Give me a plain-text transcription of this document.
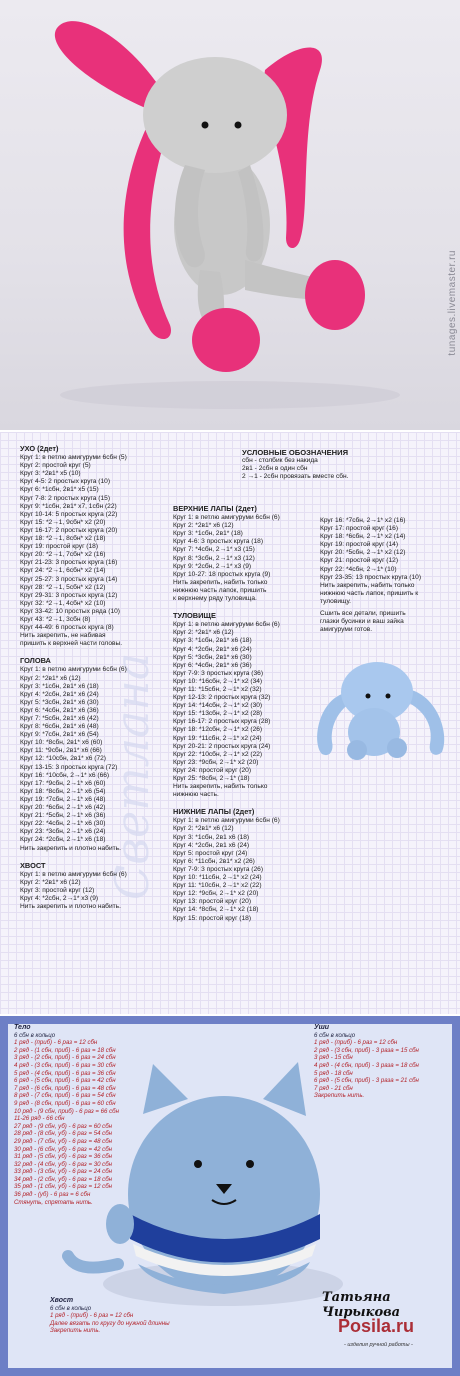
tunages.livemaster.ru
Светлана
УХО (2дет)
Круг 1: в петлю амигуруми 6сбн (5)
Круг 2: простой круг (5)
Круг 3: *2в1* х5 (10)
Круг 4-5: 2 простых круга (10)
Круг 6: *1сбн, 2в1* х5 (15)
Круг 7-8: 2 простых круга (15)
Круг 9: *1сбн, 2в1* х7, 1сбн (22)
Круг 10-14: 5 простых круга (22)
Круг 15: *2→1, 9сбн* х2 (20)
Круг 16-17: 2 простых круга (20)
Круг 18: *2→1, 8сбн* х2 (18)
Круг 19: простой круг (18)
Круг 20: *2→1, 7сбн* х2 (16)
Круг 21-23: 3 простых круга (16)
Круг 24: *2→1, 6сбн* х2 (14)
Круг 25-27: 3 простых круга (14)
Круг 28: *2→1, 5сбн* х2 (12)
Круг 29-31: 3 простых круга (12)
Круг 32: *2→1, 4сбн* х2 (10)
Круг 33-42: 10 простых ряда (10)
Круг 43: *2→1, 3сбн (8)
Круг 44-49: 6 простых круга (8)
Нить закрепить, не набивая
пришить к верхней части головы.
ГОЛОВА
Круг 1: в петлю амигуруми 6сбн (6)
Круг 2: *2в1* х6 (12)
Круг 3: *1сбн, 2в1* х6 (18)
Круг 4: *2сбн, 2в1* х6 (24)
Круг 5: *3сбн, 2в1* х6 (30)
Круг 6: *4сбн, 2в1* х6 (36)
Круг 7: *5сбн, 2в1* х6 (42)
Круг 8: *6сбн, 2в1* х6 (48)
Круг 9: *7сбн, 2в1* х6 (54)
Круг 10: *8сбн, 2в1* х6 (60)
Круг 11: *9сбн, 2в1* х6 (66)
Круг 12: *10сбн, 2в1* х6 (72)
Круг 13-15: 3 простых круга (72)
Круг 16: *10сбн, 2→1* х6 (66)
Круг 17: *9сбн, 2→1* х6 (60)
Круг 18: *8сбн, 2→1* х6 (54)
Круг 19: *7сбн, 2→1* х6 (48)
Круг 20: *6сбн, 2→1* х6 (42)
Круг 21: *5сбн, 2→1* х6 (36)
Круг 22: *4сбн, 2→1* х6 (30)
Круг 23: *3сбн, 2→1* х6 (24)
Круг 24: *2сбн, 2→1* х6 (18)
Нить закрепить и плотно набить.
ХВОСТ
Круг 1: в петлю амигуруми 6сбн (6)
Круг 2: *2в1* х6 (12)
Круг 3: простой круг (12)
Круг 4: *2сбн, 2→1* х3 (9)
Нить закрепить и плотно набить.
УСЛОВНЫЕ ОБОЗНАЧЕНИЯ
сбн - столбик без накида
2в1 - 2сбн в один сбн
2 →1 - 2сбн провязать вместе сбн.
ВЕРХНИЕ ЛАПЫ (2дет)
Круг 1: в петлю амигуруми 6сбн (6)
Круг 2: *2в1* х6 (12)
Круг 3: *1сбн, 2в1* (18)
Круг 4-6: 3 простых круга (18)
Круг 7: *4сбн, 2→1* х3 (15)
Круг 8: *3сбн, 2→1* х3 (12)
Круг 9: *2сбн, 2→1* х3 (9)
Круг 10-27: 18 простых круга (9)
Нить закрепить, набить только
нижнюю часть лапок, пришить
к верхнему ряду туловища.
ТУЛОВИЩЕ
Круг 1: в петлю амигуруми 6сбн (6)
Круг 2: *2в1* х6 (12)
Круг 3: *1сбн, 2в1* х6 (18)
Круг 4: *2сбн, 2в1* х6 (24)
Круг 5: *3сбн, 2в1* х6 (30)
Круг 6: *4сбн, 2в1* х6 (36)
Круг 7-9: 3 простых круга (36)
Круг 10: *16сбн, 2→1* х2 (34)
Круг 11: *15сбн, 2→1* х2 (32)
Круг 12-13: 2 простых круга (32)
Круг 14: *14сбн, 2→1* х2 (30)
Круг 15: *13сбн, 2→1* х2 (28)
Круг 16-17: 2 простых круга (28)
Круг 18: *12сбн, 2→1* х2 (26)
Круг 19: *11сбн, 2→1* х2 (24)
Круг 20-21: 2 простых круга (24)
Круг 22: *10сбн, 2→1* х2 (22)
Круг 23: *9сбн, 2→1* х2 (20)
Круг 24: простой круг (20)
Круг 25: *8сбн, 2→1* (18)
Нить закрепить, набить только
нижнюю часть.
НИЖНИЕ ЛАПЫ (2дет)
Круг 1: в петлю амигуруми 6сбн (6)
Круг 2: *2в1* х6 (12)
Круг 3: *1сбн, 2в1 х6 (18)
Круг 4: *2сбн, 2в1 х6 (24)
Круг 5: простой круг (24)
Круг 6: *11сбн, 2в1* х2 (26)
Круг 7-9: 3 простых круга (26)
Круг 10: *11сбн, 2→1* х2 (24)
Круг 11: *10сбн, 2→1* х2 (22)
Круг 12: *9сбн, 2→1* х2 (20)
Круг 13: простой круг (20)
Круг 14: *8сбн, 2→1* х2 (18)
Круг 15: простой круг (18)
Круг 16: *7сбн, 2→1* х2 (16)
Круг 17: простой круг (16)
Круг 18: *6сбн, 2→1* х2 (14)
Круг 19: простой круг (14)
Круг 20: *5сбн, 2→1* х2 (12)
Круг 21: простой круг (12)
Круг 22: *4сбн, 2→1* (10)
Круг 23-35: 13 простых круга (10)
Нить закрепить, набить только
нижнюю часть лапок, пришить к
туловищу.
Сшить все детали, пришить
глазки бусинки и ваш зайка
амигуруми готов.
Тело
6 сбн в кольцо
1 ряд - (приб) - 6 раз = 12 сбн
2 ряд - (1 сбн, приб) - 6 раз = 18 сбн
3 ряд - (2 сбн, приб) - 6 раз = 24 сбн
4 ряд - (3 сбн, приб) - 6 раз = 30 сбн
5 ряд - (4 сбн, приб) - 6 раз = 36 сбн
6 ряд - (5 сбн, приб) - 6 раз = 42 сбн
7 ряд - (6 сбн, приб) - 6 раз = 48 сбн
8 ряд - (7 сбн, приб) - 6 раз = 54 сбн
9 ряд - (8 сбн, приб) - 6 раз = 60 сбн
10 ряд - (9 сбн, приб) - 6 раз = 66 сбн
11-26 ряд - 66 сбн
27 ряд - (9 сбн, уб) - 6 раз = 60 сбн
28 ряд - (8 сбн, уб) - 6 раз = 54 сбн
29 ряд - (7 сбн, уб) - 6 раз = 48 сбн
30 ряд - (6 сбн, уб) - 6 раз = 42 сбн
31 ряд - (5 сбн, уб) - 6 раз = 36 сбн
32 ряд - (4 сбн, уб) - 6 раз = 30 сбн
33 ряд - (3 сбн, уб) - 6 раз = 24 сбн
34 ряд - (2 сбн, уб) - 6 раз = 18 сбн
35 ряд - (1 сбн, уб) - 6 раз = 12 сбн
36 ряд - (уб) - 6 раз = 6 сбн
Стянуть, спрятать нить.
Уши
6 сбн в кольцо
1 ряд - (приб) - 6 раз = 12 сбн
2 ряд - (3 сбн, приб) - 3 раза = 15 сбн
3 ряд - 15 сбн
4 ряд - (4 сбн, приб) - 3 раза = 18 сбн
5 ряд - 18 сбн
6 ряд - (5 сбн, приб) - 3 раза = 21 сбн
7 ряд - 21 сбн
Закрепить нить.
Хвост
6 сбн в кольцо
1 ряд - (приб) - 6 раз = 12 сбн
Далее вязать по кругу до нужной длинны
Закрепить нить.
Татьяна Чирыкова
- изделия ручной работы -
Posila.ru
